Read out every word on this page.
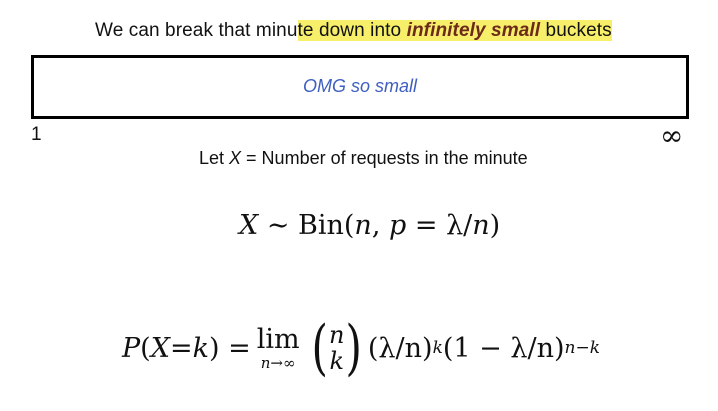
We can break that minute down into infinitely small buckets
OMG so small
1	∞
Let X = Number of requests in the minute
X ∼ Bin(n, p = λ/n)
P ( X = k ) = lim
n→∞ ( n
k ) (λ/n) k (1 − λ/n) n−k
